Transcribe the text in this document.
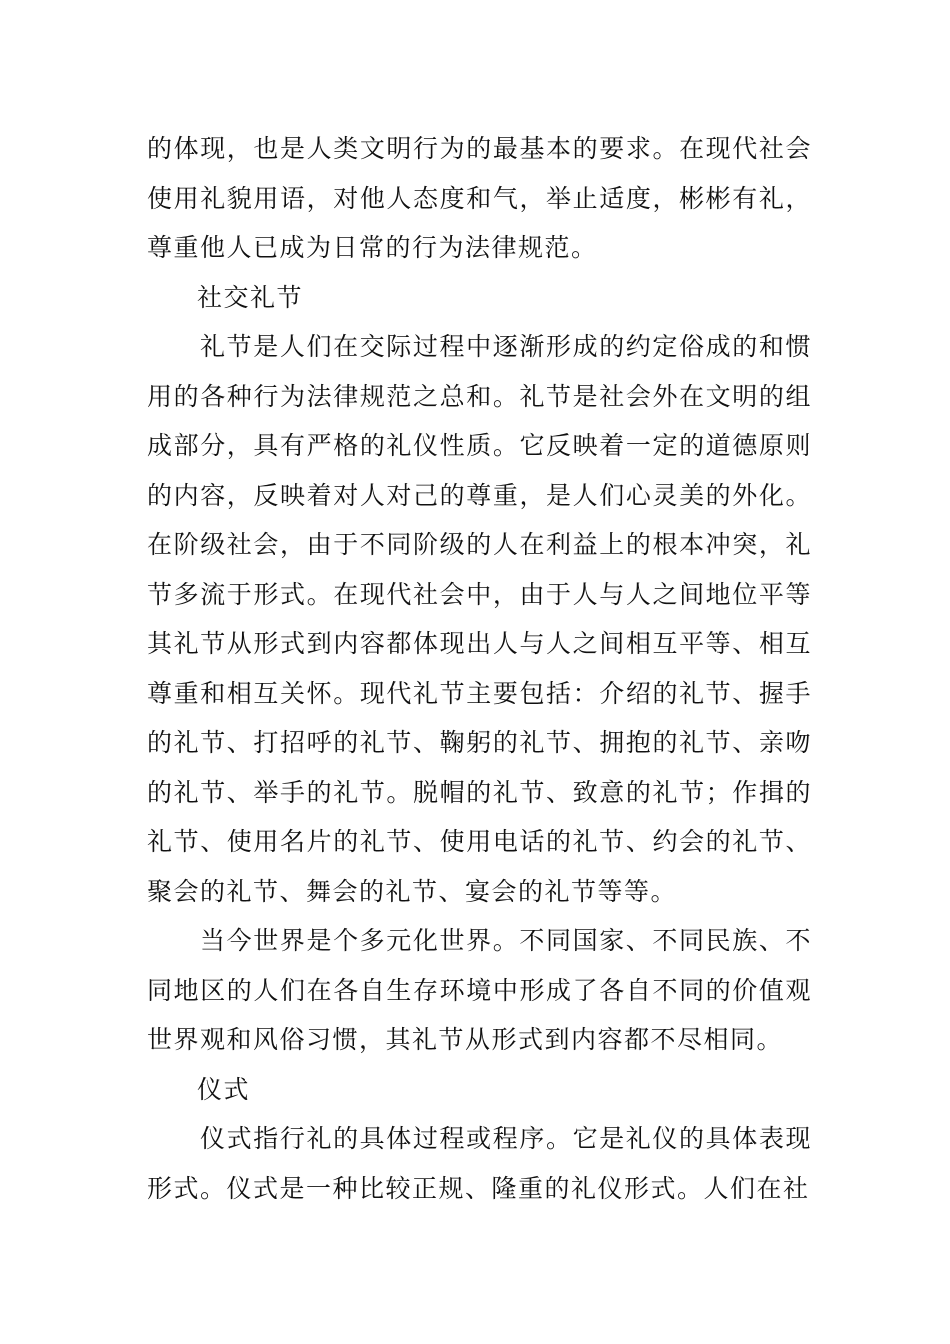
的体现，也是人类文明行为的最基本的要求。在现代社会使用礼貌用语，对他人态度和气，举止适度，彬彬有礼，尊重他人已成为日常的行为法律规范。

社交礼节

礼节是人们在交际过程中逐渐形成的约定俗成的和惯用的各种行为法律规范之总和。礼节是社会外在文明的组成部分，具有严格的礼仪性质。它反映着一定的道德原则的内容，反映着对人对己的尊重，是人们心灵美的外化。在阶级社会，由于不同阶级的人在利益上的根本冲突，礼节多流于形式。在现代社会中，由于人与人之间地位平等其礼节从形式到内容都体现出人与人之间相互平等、相互尊重和相互关怀。现代礼节主要包括：介绍的礼节、握手的礼节、打招呼的礼节、鞠躬的礼节、拥抱的礼节、亲吻的礼节、举手的礼节。脱帽的礼节、致意的礼节；作揖的礼节、使用名片的礼节、使用电话的礼节、约会的礼节、聚会的礼节、舞会的礼节、宴会的礼节等等。

当今世界是个多元化世界。不同国家、不同民族、不同地区的人们在各自生存环境中形成了各自不同的价值观世界观和风俗习惯，其礼节从形式到内容都不尽相同。

仪式

仪式指行礼的具体过程或程序。它是礼仪的具体表现形式。仪式是一种比较正规、隆重的礼仪形式。人们在社
